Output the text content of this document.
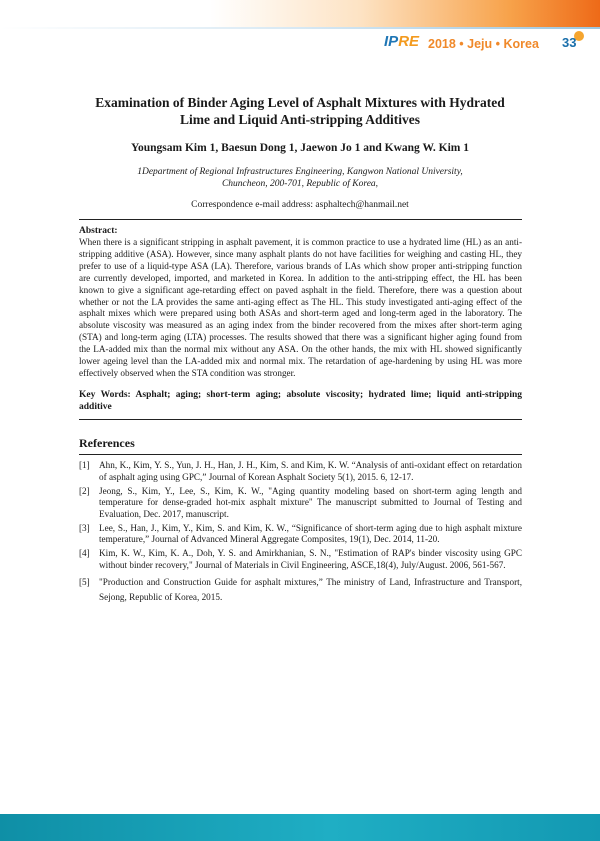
IPRE 2018 • Jeju • Korea 33
Examination of Binder Aging Level of Asphalt Mixtures with Hydrated
Lime and Liquid Anti-stripping Additives
Youngsam Kim 1, Baesun Dong 1, Jaewon Jo 1 and Kwang W. Kim 1
1Department of Regional Infrastructures Engineering, Kangwon National University,
Chuncheon, 200-701, Republic of Korea,
Correspondence e-mail address: asphaltech@hanmail.net
Abstract:
When there is a significant stripping in asphalt pavement, it is common practice to use a hydrated lime (HL) as an anti-stripping additive (ASA). However, since many asphalt plants do not have facilities for weighing and casting HL, they prefer to use of a liquid-type ASA (LA). Therefore, various brands of LAs which show proper anti-stripping function are currently developed, imported, and marketed in Korea. In addition to the anti-stripping effect, the HL has been known to give a significant age-retarding effect on paved asphalt in the field. Therefore, there was a question about whether or not the LA provides the same anti-aging effect as The HL. This study investigated anti-aging effect of the asphalt mixes which were prepared using both ASAs and short-term aged and long-term aged in the laboratory. The absolute viscosity was measured as an aging index from the binder recovered from the mixes after short-term aging (STA) and long-term aging (LTA) processes. The results showed that there was a significant higher aging found from the LA-added mix than the normal mix without any ASA. On the other hands, the mix with HL showed significantly lower ageing level than the LA-added mix and normal mix. The retardation of age-hardening by using HL was more effectively observed when the STA condition was stronger.
Key Words: Asphalt; aging; short-term aging; absolute viscosity; hydrated lime; liquid anti-stripping additive
References
[1]	Ahn, K., Kim, Y. S., Yun, J. H., Han, J. H., Kim, S. and Kim, K. W. “Analysis of anti-oxidant effect on retardation of asphalt aging using GPC,” Journal of Korean Asphalt Society 5(1), 2015. 6, 12-17.
[2]	Jeong, S., Kim, Y., Lee, S., Kim, K. W., "Aging quantity modeling based on short-term aging length and temperature for dense-graded hot-mix asphalt mixture" The manuscript submitted to Journal of Testing and Evaluation, Dec. 2017, manuscript.
[3]	Lee, S., Han, J., Kim, Y., Kim, S. and Kim, K. W., “Significance of short-term aging due to high asphalt mixture temperature,” Journal of Advanced Mineral Aggregate Composites, 19(1), Dec. 2014, 11-20.
[4]	Kim, K. W., Kim, K. A., Doh, Y. S. and Amirkhanian, S. N., "Estimation of RAP's binder viscosity using GPC without binder recovery," Journal of Materials in Civil Engineering, ASCE,18(4), July/August. 2006, 561-567.
[5]	"Production and Construction Guide for asphalt mixtures,” The ministry of Land, Infrastructure and Transport, Sejong, Republic of Korea, 2015.
